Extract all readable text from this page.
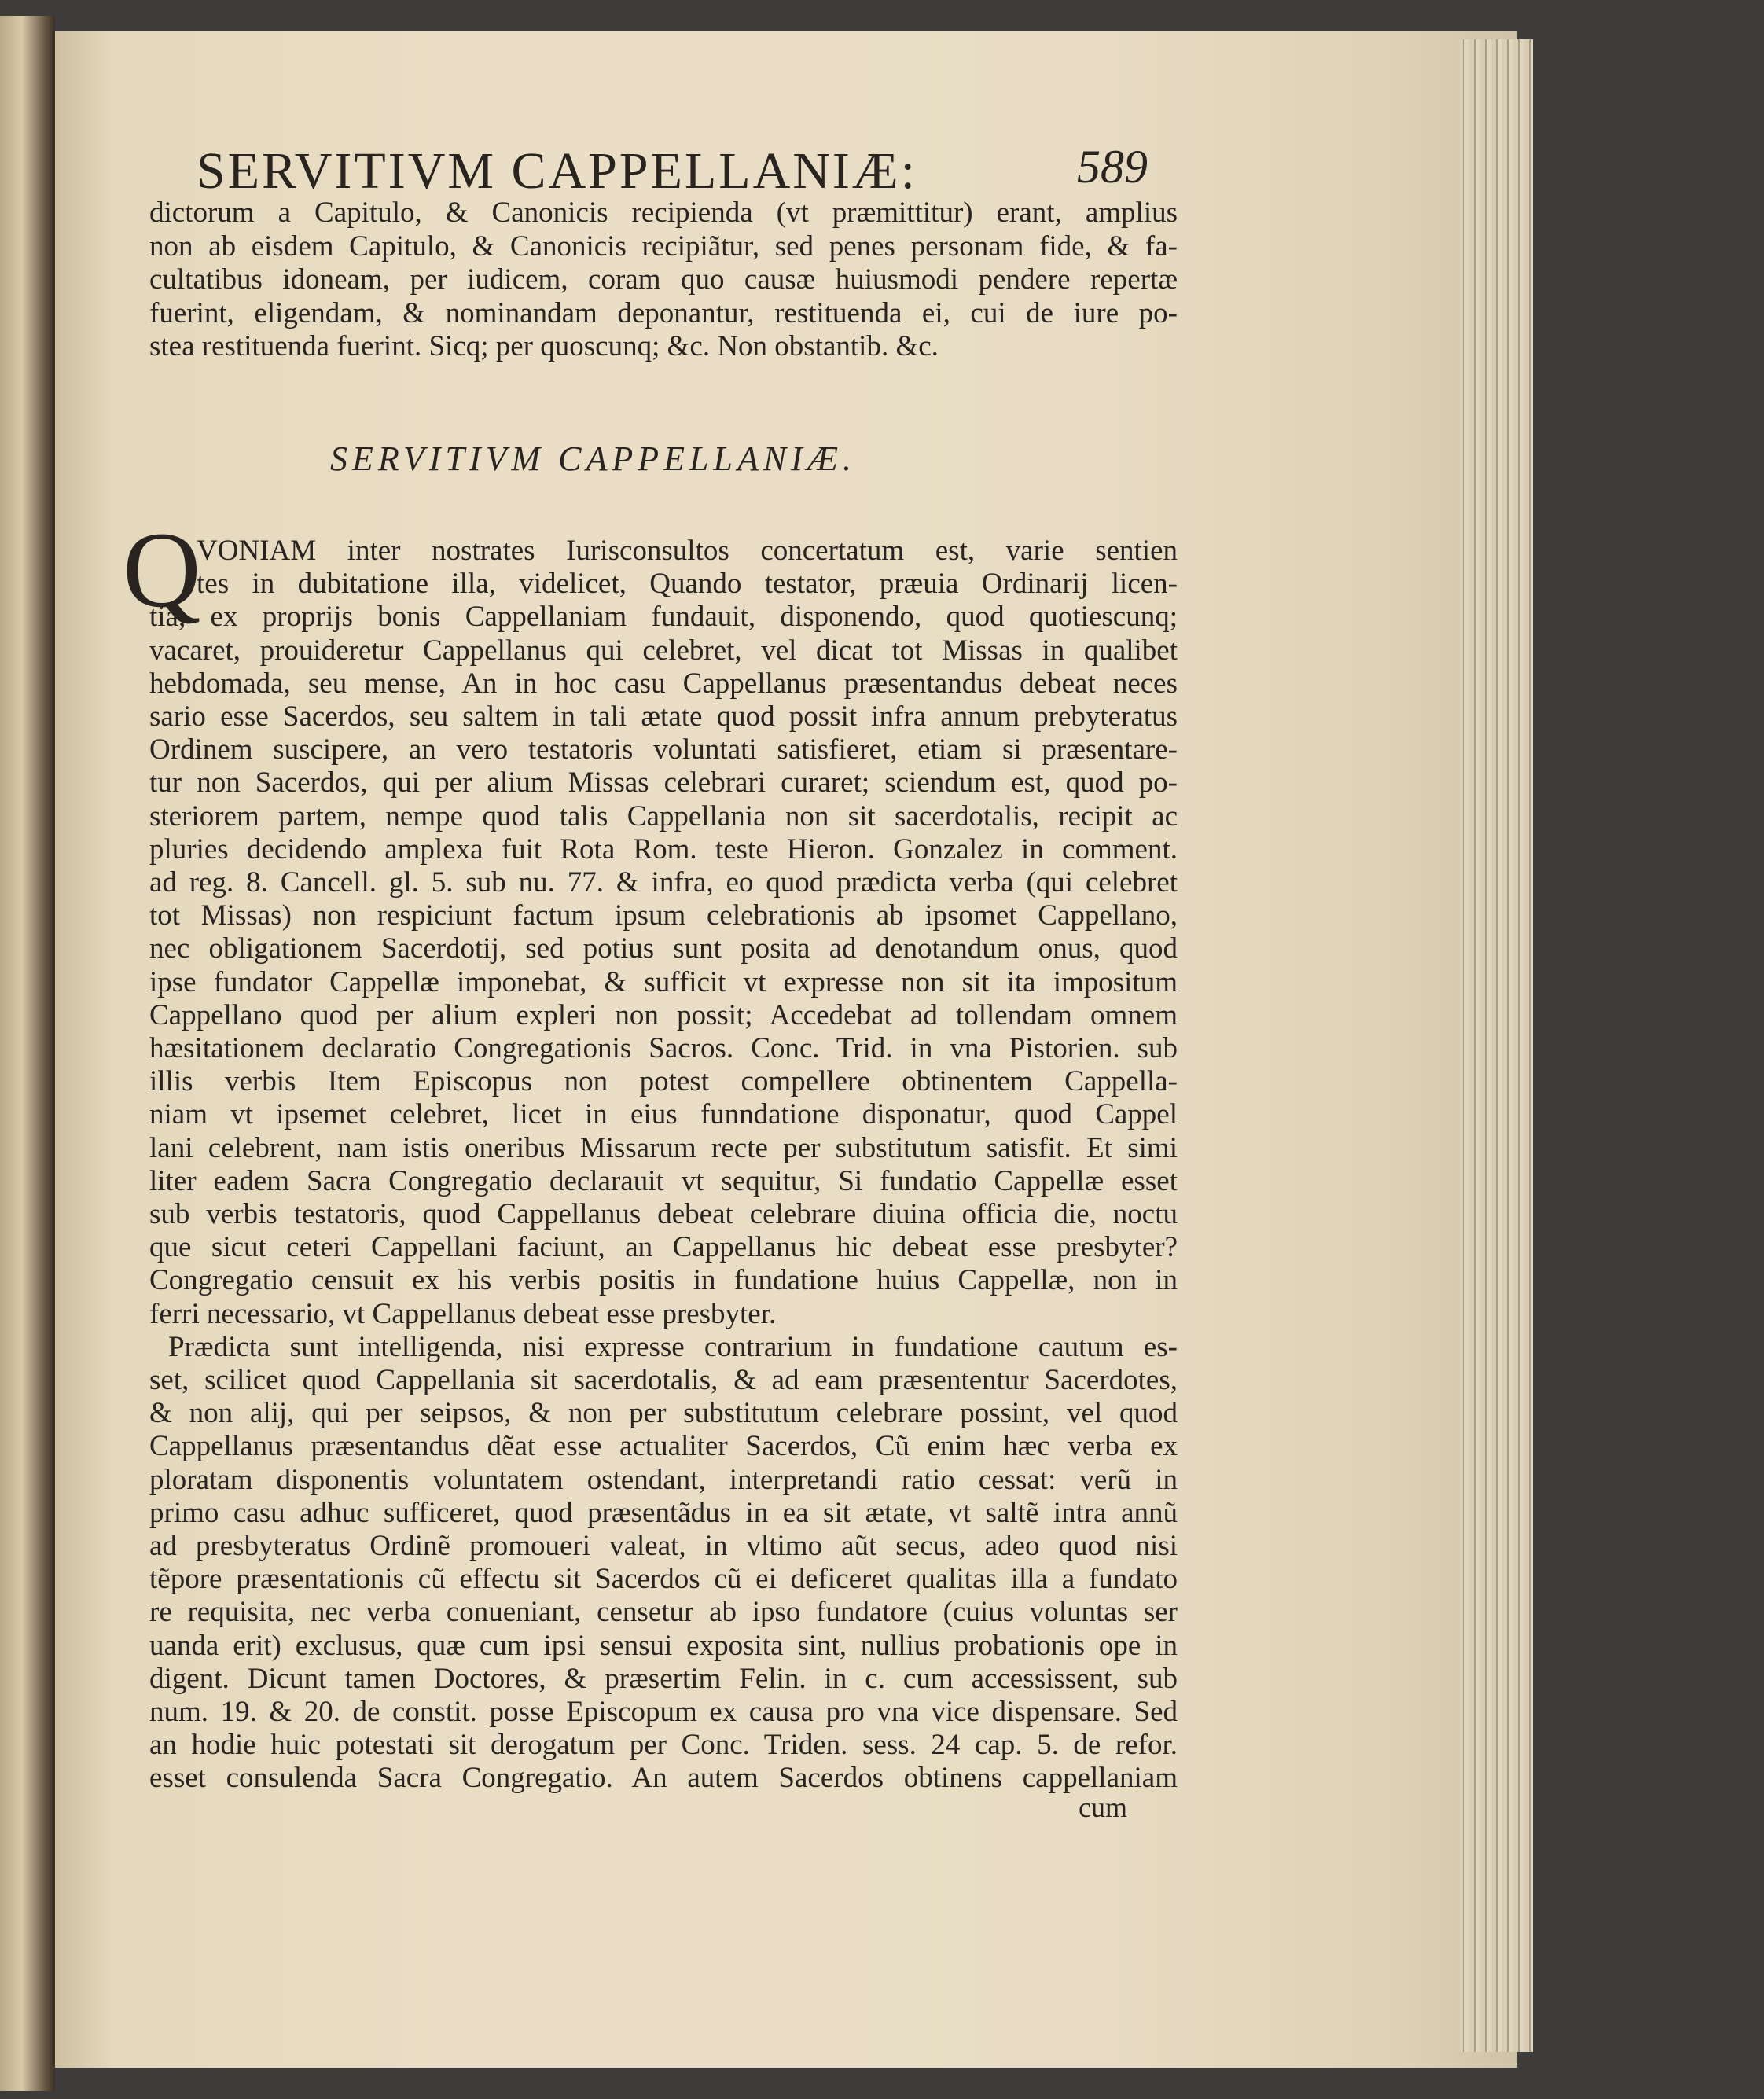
SERVITIVM CAPPELLANIÆ:	589
dictorum a Capitulo, & Canonicis recipienda (vt præmittitur) erant, amplius
non ab eisdem Capitulo, & Canonicis recipiãtur, sed penes personam fide, & fa-
cultatibus idoneam, per iudicem, coram quo causæ huiusmodi pendere repertæ
fuerint, eligendam, & nominandam deponantur, restituenda ei, cui de iure po-
stea restituenda fuerint. Sicq; per quoscunq; &c. Non obstantib. &c.
SERVITIVM CAPPELLANIÆ.
Q
VONIAM inter nostrates Iurisconsultos concertatum est, varie sentien
tes in dubitatione illa, videlicet, Quando testator, præuia Ordinarij licen-
tia, ex proprijs bonis Cappellaniam fundauit, disponendo, quod quotiescunq;
vacaret, prouideretur Cappellanus qui celebret, vel dicat tot Missas in qualibet
hebdomada, seu mense, An in hoc casu Cappellanus præsentandus debeat neces
sario esse Sacerdos, seu saltem in tali ætate quod possit infra annum prebyteratus
Ordinem suscipere, an vero testatoris voluntati satisfieret, etiam si præsentare-
tur non Sacerdos, qui per alium Missas celebrari curaret; sciendum est, quod po-
steriorem partem, nempe quod talis Cappellania non sit sacerdotalis, recipit ac
pluries decidendo amplexa fuit Rota Rom. teste Hieron. Gonzalez in comment.
ad reg. 8. Cancell. gl. 5. sub nu. 77. & infra, eo quod prædicta verba (qui celebret
tot Missas) non respiciunt factum ipsum celebrationis ab ipsomet Cappellano,
nec obligationem Sacerdotij, sed potius sunt posita ad denotandum onus, quod
ipse fundator Cappellæ imponebat, & sufficit vt expresse non sit ita impositum
Cappellano quod per alium expleri non possit; Accedebat ad tollendam omnem
hæsitationem declaratio Congregationis Sacros. Conc. Trid. in vna Pistorien. sub
illis verbis Item Episcopus non potest compellere obtinentem Cappella-
niam vt ipsemet celebret, licet in eius funndatione disponatur, quod Cappel
lani celebrent, nam istis oneribus Missarum recte per substitutum satisfit. Et simi
liter eadem Sacra Congregatio declarauit vt sequitur, Si fundatio Cappellæ esset
sub verbis testatoris, quod Cappellanus debeat celebrare diuina officia die, noctu
que sicut ceteri Cappellani faciunt, an Cappellanus hic debeat esse presbyter?
Congregatio censuit ex his verbis positis in fundatione huius Cappellæ, non in
ferri necessario, vt Cappellanus debeat esse presbyter.
Prædicta sunt intelligenda, nisi expresse contrarium in fundatione cautum es-
set, scilicet quod Cappellania sit sacerdotalis, & ad eam præsententur Sacerdotes,
& non alij, qui per seipsos, & non per substitutum celebrare possint, vel quod
Cappellanus præsentandus dẽat esse actualiter Sacerdos, Cũ enim hæc verba ex
ploratam disponentis voluntatem ostendant, interpretandi ratio cessat: verũ in
primo casu adhuc sufficeret, quod præsentãdus in ea sit ætate, vt saltẽ intra annũ
ad presbyteratus Ordinẽ promoueri valeat, in vltimo aũt secus, adeo quod nisi
tẽpore præsentationis cũ effectu sit Sacerdos cũ ei deficeret qualitas illa a fundato
re requisita, nec verba conueniant, censetur ab ipso fundatore (cuius voluntas ser
uanda erit) exclusus, quæ cum ipsi sensui exposita sint, nullius probationis ope in
digent. Dicunt tamen Doctores, & præsertim Felin. in c. cum accessissent, sub
num. 19. & 20. de constit. posse Episcopum ex causa pro vna vice dispensare. Sed
an hodie huic potestati sit derogatum per Conc. Triden. sess. 24 cap. 5. de refor.
esset consulenda Sacra Congregatio. An autem Sacerdos obtinens cappellaniam
cum
